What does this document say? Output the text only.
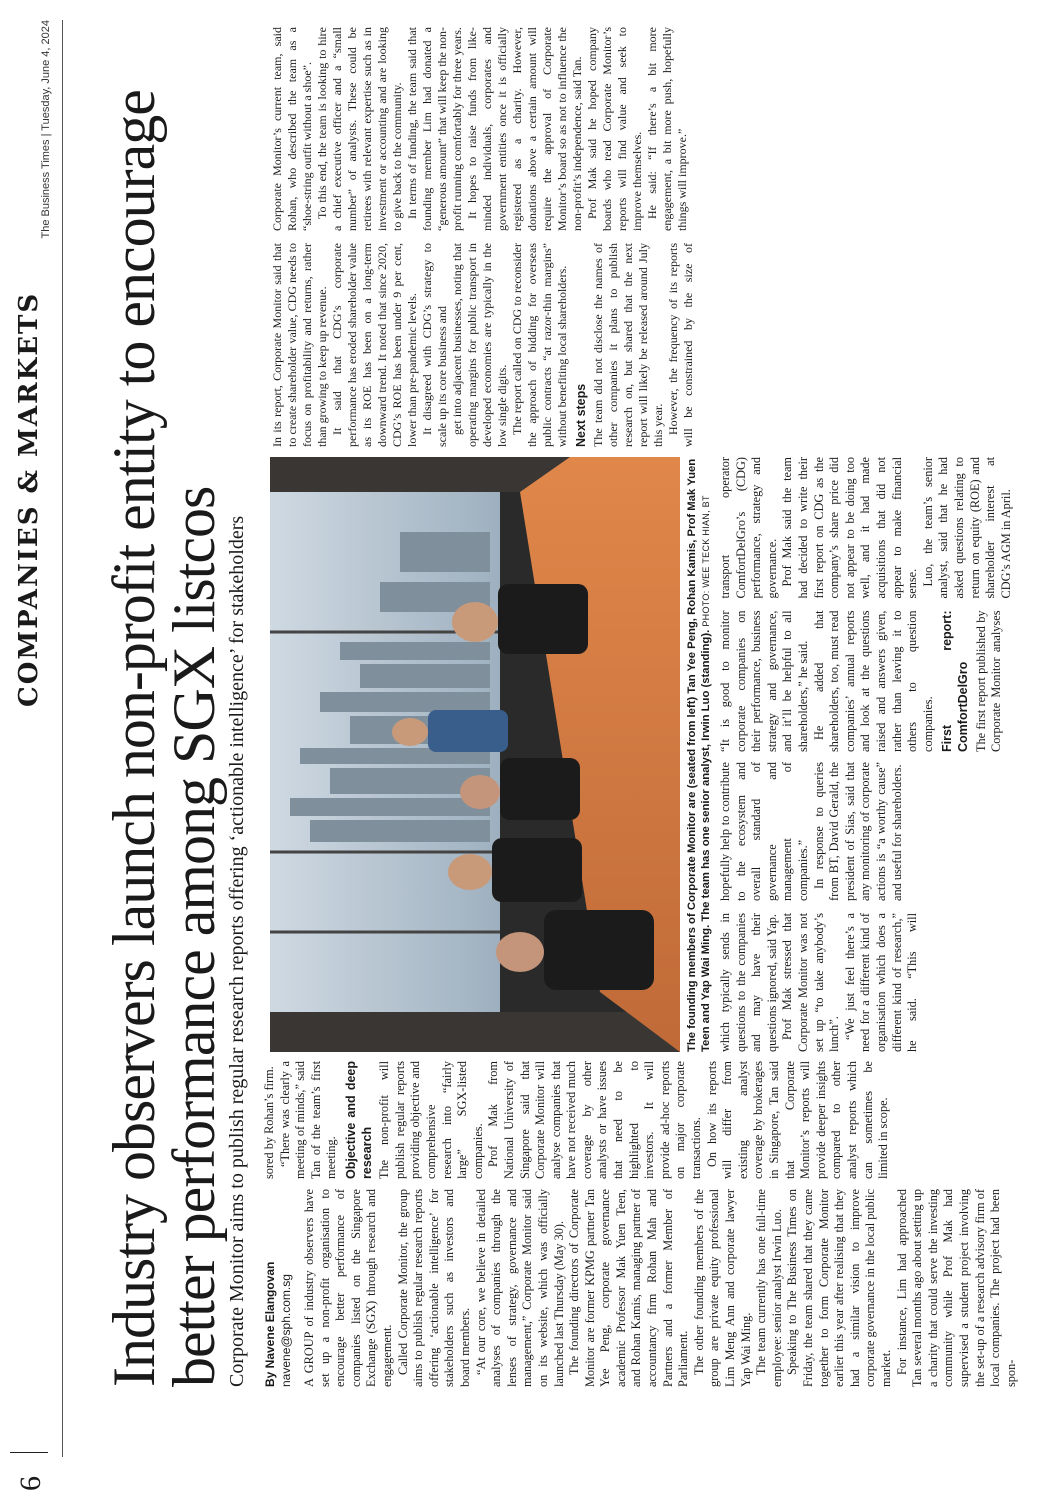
6
COMPANIES & MARKETS
The Business Times | Tuesday, June 4, 2024 Industry observers launch non-profit entity to encourage better performance among SGX listcos Corporate Monitor aims to publish regular research reports offering ‘actionable intelligence’ for stakeholders By Navene Elangovan navene@sph.com.sg A GROUP of industry observers have set up a non-profit organisation to encourage better performance of companies listed on the Singapore Exchange (SGX) through research and engagement. Called Corporate Monitor, the group aims to publish regular research reports offering ‘actionable intelligence’ for stakeholders such as investors and board members. “At our core, we believe in detailed analyses of companies through the lenses of strategy, governance and management,” Corporate Monitor said on its website, which was officially launched last Thursday (May 30). The founding directors of Corporate Monitor are former KPMG partner Tan Yee Peng, corporate governance academic Professor Mak Yuen Teen, and Rohan Kamis, managing partner of accountancy firm Rohan Mah and Partners and a former Member of Parliament. The other founding members of the group are private equity professional Lim Meng Ann and corporate lawyer Yap Wai Ming. The team currently has one full-time employee: senior analyst Irwin Luo. Speaking to The Business Times on Friday, the team shared that they came together to form Corporate Monitor earlier this year after realising that they had a similar vision to improve corporate governance in the local public market. For instance, Lim had approached Tan several months ago about setting up a charity that could serve the investing community while Prof Mak had supervised a student project involving the set-up of a research advisory firm of local companies. The project had been spon-

sored by Rohan’s firm. “There was clearly a meeting of minds,” said Tan of the team’s first meeting. Objective and deep research The non-profit will publish regular reports providing objective and comprehensive research into “fairly large” SGX-listed companies. Prof Mak from National University of Singapore said that Corporate Monitor will analyse companies that have not received much coverage by other analysts or have issues that need to be highlighted to investors. It will provide ad-hoc reports on major corporate transactions. On how its reports will differ from existing analyst coverage by brokerages in Singapore, Tan said that Corporate Monitor’s reports will provide deeper insights compared to other analyst reports which can sometimes be limited in scope.

The founding members of Corporate Monitor are (seated from left) Tan Yee Peng, Rohan Kamis, Prof Mak Yuen Teen and Yap Wai Ming. The team has one senior analyst, Irwin Luo (standing). PHOTO: WEE TECK HIAN, BT

which typically sends in questions to the companies and may have their questions ignored, said Yap. Prof Mak stressed that Corporate Monitor was not set up “to take anybody’s lunch”. “We just feel there’s a need for a different kind of organisation which does a different kind of research,” he said. “This will hopefully help to contribute to the ecosystem and overall standard of governance and management of companies.” In response to queries from BT, David Gerald, the president of Sias, said that any monitoring of corporate actions is “a worthy cause” and useful for shareholders.

“It is good to monitor corporate companies on their performance, business strategy and governance, and it’ll be helpful to all shareholders,” he said. He added that shareholders, too, must read companies’ annual reports and look at the questions raised and answers given, rather than leaving it to others to question companies. First report: ComfortDelGro The first report published by Corporate Monitor analyses transport operator ComfortDelGro’s (CDG) performance, strategy and governance. Prof Mak said the team had decided to write their first report on CDG as the company’s share price did not appear to be doing too well, and it had made acquisitions that did not appear to make financial sense. Luo, the team’s senior analyst, said that he had asked questions relating to return on equity (ROE) and shareholder interest at CDG’s AGM in April.

In its report, Corporate Monitor said that to create shareholder value, CDG needs to focus on profitability and returns, rather than growing to keep up revenue. It said that CDG’s corporate performance has eroded shareholder value as its ROE has been on a long-term downward trend. It noted that since 2020, CDG’s ROE has been under 9 per cent, lower than pre-pandemic levels. It disagreed with CDG’s strategy to scale up its core business and get into adjacent businesses, noting that operating margins for public transport in developed economies are typically in the low single digits. The report called on CDG to reconsider the approach of bidding for overseas public contracts “at razor-thin margins” without benefiting local shareholders. Next steps The team did not disclose the names of other companies it plans to publish research on, but shared that the next report will likely be released around July this year. However, the frequency of its reports will be constrained by the size of Corporate Monitor’s current team, said Rohan, who described the team as a “shoe-string outfit without a shoe”. To this end, the team is looking to hire a chief executive officer and a “small number” of analysts. These could be retirees with relevant expertise such as in investment or accounting and are looking to give back to the community. In terms of funding, the team said that founding member Lim had donated a “generous amount” that will keep the non-profit running comfortably for three years. It hopes to raise funds from like-minded individuals, corporates and government entities once it is officially registered as a charity. However, donations above a certain amount will require the approval of Corporate Monitor’s board so as not to influence the non-profit’s independence, said Tan. Prof Mak said he hoped company boards who read Corporate Monitor’s reports will find value and seek to improve themselves. He said: “If there’s a bit more engagement, a bit more push, hopefully things will improve.”
